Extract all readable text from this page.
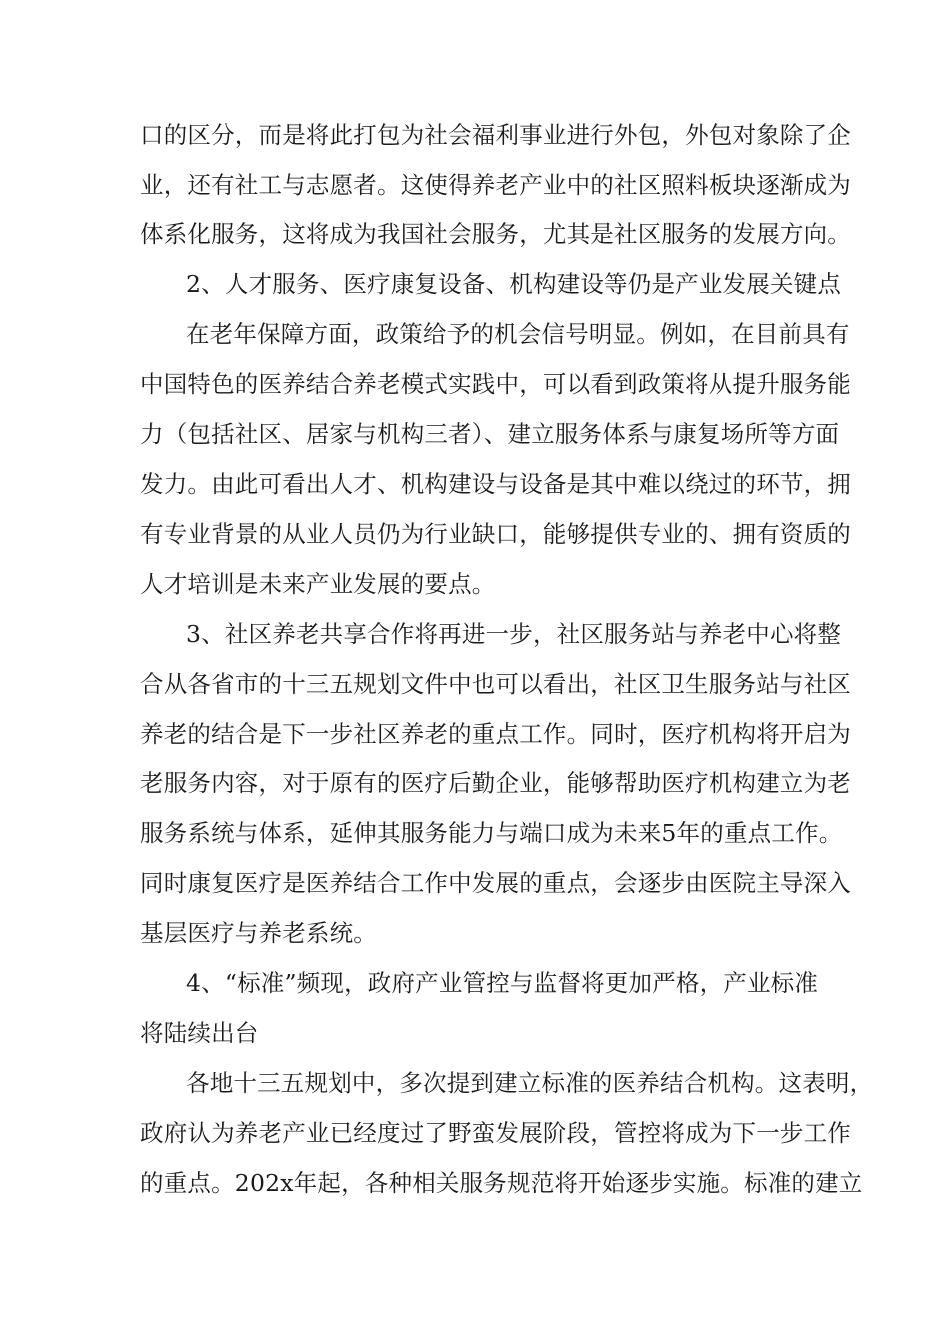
口的区分，而是将此打包为社会福利事业进行外包，外包对象除了企
业，还有社工与志愿者。这使得养老产业中的社区照料板块逐渐成为
体系化服务，这将成为我国社会服务，尤其是社区服务的发展方向。
2、人才服务、医疗康复设备、机构建设等仍是产业发展关键点
在老年保障方面，政策给予的机会信号明显。例如，在目前具有
中国特色的医养结合养老模式实践中，可以看到政策将从提升服务能
力（包括社区、居家与机构三者）、建立服务体系与康复场所等方面
发力。由此可看出人才、机构建设与设备是其中难以绕过的环节，拥
有专业背景的从业人员仍为行业缺口，能够提供专业的、拥有资质的
人才培训是未来产业发展的要点。
3、社区养老共享合作将再进一步，社区服务站与养老中心将整
合从各省市的十三五规划文件中也可以看出，社区卫生服务站与社区
养老的结合是下一步社区养老的重点工作。同时，医疗机构将开启为
老服务内容，对于原有的医疗后勤企业，能够帮助医疗机构建立为老
服务系统与体系，延伸其服务能力与端口成为未来5年的重点工作。
同时康复医疗是医养结合工作中发展的重点，会逐步由医院主导深入
基层医疗与养老系统。
4、“标准”频现，政府产业管控与监督将更加严格，产业标准
将陆续出台
各地十三五规划中，多次提到建立标准的医养结合机构。这表明，
政府认为养老产业已经度过了野蛮发展阶段，管控将成为下一步工作
的重点。202x年起，各种相关服务规范将开始逐步实施。标准的建立
